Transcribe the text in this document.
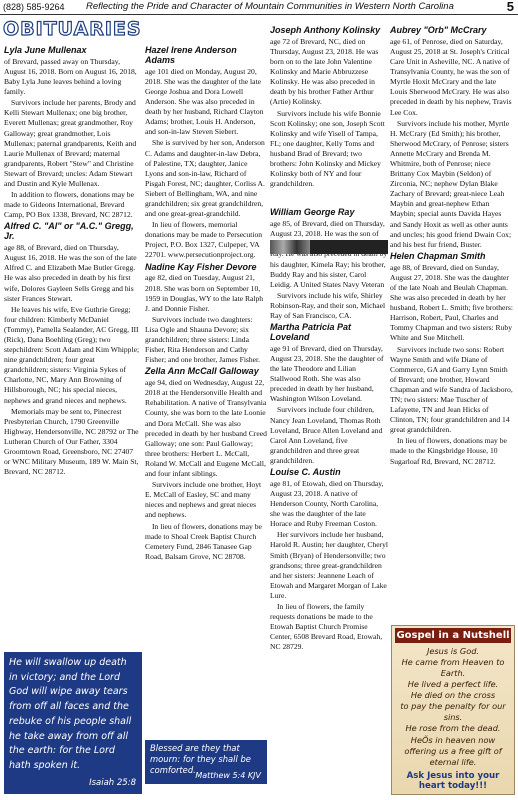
(828) 585-9264 Reflecting the Pride and Character of Mountain Communities in Western North Carolina	5
OBITUARIES
Lyla June Mullenax

of Brevard, passed away on Thursday, August 16, 2018. Born on August 16, 2018, Baby Lyla June leaves behind a loving family.

Survivors include her parents, Brody and Kelli Stewart Mullenax; one big brother, Everett Mullenax; great grandmother, Roy Galloway; great grandmother, Lois Mullenax; paternal grandparents, Keith and Laurie Mullenax of Brevard; maternal grandparents, Robert "Stew" and Christine Stewart of Brevard; uncles: Adam Stewart and Dustin and Kyle Mullenax.

In addition to flowers, donations may be made to Gideons International, Brevard Camp, PO Box 1338, Brevard, NC 28712.

Alfred C. "Al" or "A.C." Gregg, Jr.

age 88, of Brevard, died on Thursday, August 16, 2018. He was the son of the late Alfred C. and Elizabeth Mae Butler Gregg. He was also preceded in death by his first wife, Dolores Gayleen Sells Gregg and his sister Frances Stewart.

He leaves his wife, Eve Guthrie Gregg; four children: Kimberly McDaniel (Tommy), Pamella Sealander, AC Gregg, III (Rick), Dana Boehling (Greg); two stepchildren: Scott Adam and Kim Whipple; nine grandchildren; four great grandchildren; sisters: Virginia Sykes of Charlotte, NC, Mary Ann Browning of Hillsborough, NC; his special nieces, nephews and grand nieces and nephews.

Memorials may be sent to, Pinecrest Presbyterian Church, 1790 Greenville Highway, Hendersonville, NC 28792 or The Lutheran Church of Our Father, 3304 Groomtown Road, Greensboro, NC 27407 or WNC Military Museum, 189 W. Main St, Brevard, NC 28712.

He will swallow up death in victory; and the Lord God will wipe away tears from off all faces and the rebuke of his people shall he take away from off all the earth: for the Lord hath spoken it.
Isaiah 25:8
Hazel Irene Anderson Adams

age 101 died on Monday, August 20, 2018. She was the daughter of the late George Joshua and Dora Lowell Anderson. She was also preceded in death by her husband, Richard Clayton Adams; brother, Louis H. Anderson, and son-in-law Steven Siebert.

She is survived by her son, Anderson C. Adams and daughter-in-law Debra, of Palestine, TX; daughter, Janice Lyons and son-in-law, Richard of Pisgah Forest, NC; daughter, Corliss A. Siebert of Bellingham, WA, and nine grandchildren; six great grandchildren, and one great-great-grandchild.

In lieu of flowers, memorial donations may be made to Persecution Project, P.O. Box 1327, Culpeper, VA 22701. www.persecutionproject.org.

Nadine Kay Fisher Devore

age 82, died on Tuesday, August 21, 2018. She was born on September 10, 1959 in Douglas, WY to the late Ralph J. and Donnie Fisher.

Survivors include two daughters: Lisa Ogle and Shauna Devore; six grandchildren; three sisters: Linda Fisher, Rita Henderson and Cathy Fisher; and one brother, James Fisher.

Zella Ann McCall Galloway

age 94, died on Wednesday, August 22, 2018 at the Hendersonville Health and Rehabilitation. A native of Transylvania County, she was born to the late Loonie and Dora McCall. She was also preceded in death by her husband Creed Galloway; one son: Paul Galloway; three brothers: Herbert L. McCall, Roland W. McCall and Eugene McCall, and four infant siblings.

Survivors include one brother, Hoyt E. McCall of Easley, SC and many nieces and nephews and great nieces and nephews.

In lieu of flowers, donations may be made to Shoal Creek Baptist Church Cemetery Fund, 2846 Tanasee Gap Road, Balsam Grove, NC 28708.

Blessed are they that mourn: for they shall be comforted.
Matthew 5:4 KJV
Joseph Anthony Kolinsky

age 72 of Brevard, NC, died on Thursday, August 23, 2018. He was born on to the late John Valentine Kolinsky and Marie Abbruzzese Kolinsky. He was also preceded in death by his brother Father Arthur (Artie) Kolinsky.

Survivors include his wife Bonnie Scott Kolinsky; one son, Joseph Scott Kolinsky and wife Yisell of Tampa, FL; one daughter, Kelly Toms and husband Brad of Brevard; two brothers: John Kolinsky and Mickey Kolinsky both of NY and four grandchildren.

William George Ray

age 85, of Brevard, died on Thursday, August 23, 2018. He was the son of his daughter, Kimela Ray; his brother, Buddy Ray and his sister, Carol Leidig. A United States Navy Veteran

Survivors include his wife, Shirley Robinson-Ray, and their son, Michael Ray of San Francisco, CA.

Martha Patricia Pat Loveland

age 91 of Brevard, died on Thursday, August 23, 2018. She the daughter of the late Theodore and Lilian Stallwood Roth. She was also preceded in death by her husband, Washington Wilson Loveland.

Survivors include four children, Nancy Jean Loveland, Thomas Roth Loveland, Bruce Allen Loveland and Carol Ann Loveland, five grandchildren and three great grandchildren.

Louise C. Austin

age 81, of Etowah, died on Thursday, August 23, 2018. A native of Henderson County, North Carolina, she was the daughter of the late Horace and Ruby Freeman Coston.

Her survivors include her husband, Harold R. Austin; her daughter, Cheryl Smith (Bryan) of Hendersonville; two grandsons; three great-grandchildren and her sisters: Jeannene Leach of Etowah and Margaret Morgan of Lake Lure.

In lieu of flowers, the family requests donations be made to the Etowah Baptist Church Promise Center, 6508 Brevard Road, Etowah, NC 28729.

Aubrey "Orb" McCrary

age 61, of Penrose, died on Saturday, August 25, 2018 at St. Joseph's Critical Care Unit in Asheville, NC. A native of Transylvania County, he was the son of Myrtle Hoxit McCrary and the late Louis Sherwood McCrary. He was also preceded in death by his nephew, Travis Lee Cox.

Survivors include his mother, Myrtle H. McCrary (Ed Smith); his brother, Sherwood McCrary, of Penrose; sisters Annette McCrary and Brenda M. Whitmire, both of Penrose; niece Brittany Cox Maybin (Seldon) of Zirconia, NC; nephew Dylan Blake Zachary of Brevard; great-niece Leah Maybin and great-nephew Ethan Maybin; special aunts Davida Hayes and Sandy Hoxit as well as other aunts and uncles; his good friend Dwain Cox; and his best fur friend, Buster.

Helen Chapman Smith

age 88, of Brevard, died on Sunday, August 27, 2018. She was the daughter of the late Noah and Beulah Chapman. She was also preceded in death by her husband, Robert L. Smith; five brothers: Harrison, Robert, Paul, Charles and Tommy Chapman and two sisters: Ruby White and Sue Mitchell.

Survivors include two sons: Robert Wayne Smith and wife Diane of Commerce, GA and Garry Lynn Smith of Brevard; one brother, Howard Chapman and wife Sandra of Jacksboro, TN; two sisters: Mae Tuscher of Lafayette, TN and Jean Hicks of Clinton, TN; four grandchildren and 14 great grandchildren.

In lieu of flowers, donations may be made to the Kingsbridge House, 10 Sugarloaf Rd, Brevard, NC 28712.

Gospel in a Nutshell
Jesus is God.
He came from Heaven to Earth.
He lived a perfect life.
He died on the cross
to pay the penalty for our sins.
He rose from the dead.
HeÕs in heaven now
offering us a free gift of eternal life.
Ask Jesus into your heart today!!!
